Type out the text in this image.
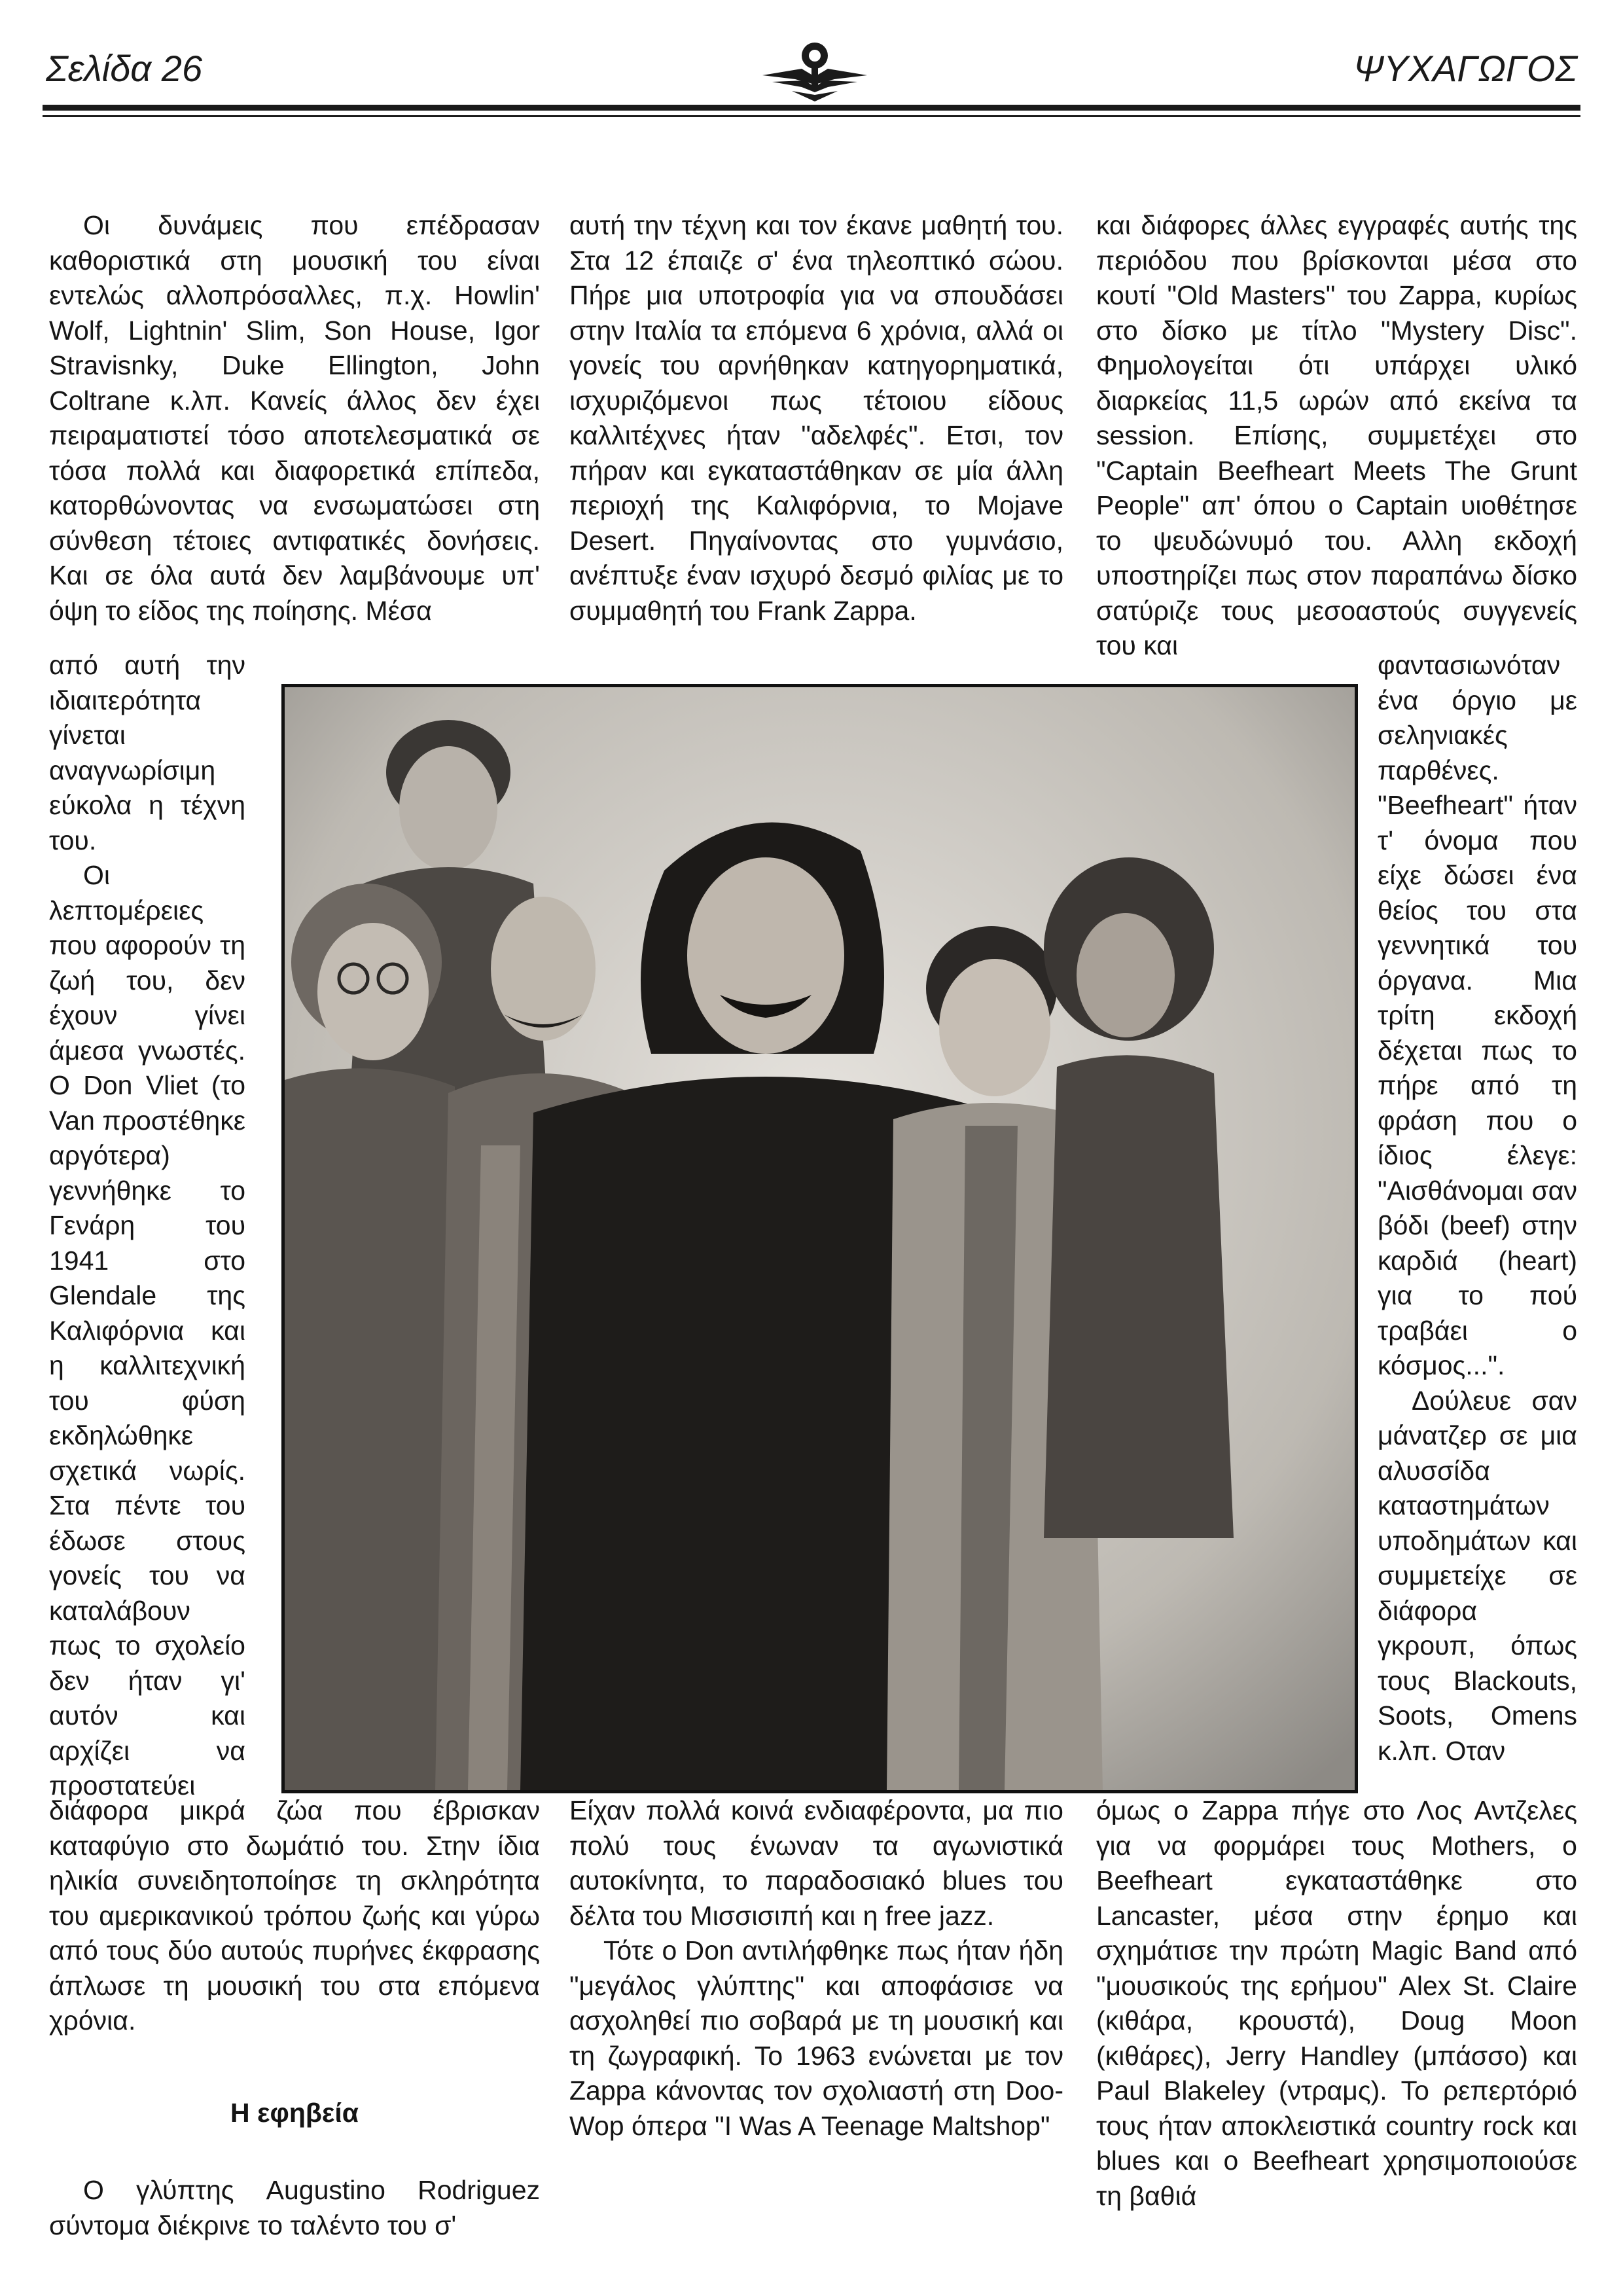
Σελίδα 26	ΨΥΧΑΓΩΓΟΣ

Οι δυνάμεις που επέδρασαν καθοριστικά στη μουσική του είναι εντελώς αλλοπρόσαλλες, π.χ. Howlin' Wolf, Lightnin' Slim, Son House, Igor Stravisnky, Duke Ellington, John Coltrane κ.λπ. Κανείς άλλος δεν έχει πειραματιστεί τόσο αποτελεσματικά σε τόσα πολλά και διαφορετικά επίπεδα, κατορθώνοντας να ενσωματώσει στη σύνθεση τέτοιες αντιφατικές δονήσεις. Και σε όλα αυτά δεν λαμβάνουμε υπ' όψη το είδος της ποίησης. Μέσα

από αυτή την ιδιαιτερότητα γίνεται αναγνωρίσιμη εύκολα η τέχνη του.

Οι λεπτομέρειες που αφορούν τη ζωή του, δεν έχουν γίνει άμεσα γνωστές. Ο Don Vliet (το Van προστέθηκε αργότερα) γεννήθηκε το Γενάρη του 1941 στο Glendale της Καλιφόρνια και η καλλιτεχνική του φύση εκδηλώθηκε σχετικά νωρίς. Στα πέντε του έδωσε στους γονείς του να καταλάβουν πως το σχολείο δεν ήταν γι' αυτόν και αρχίζει να προστατεύει

διάφορα μικρά ζώα που έβρισκαν καταφύγιο στο δωμάτιό του. Στην ίδια ηλικία συνειδητοποίησε τη σκληρότητα του αμερικανικού τρόπου ζωής και γύρω από τους δύο αυτούς πυρήνες έκφρασης άπλωσε τη μουσική του στα επόμενα χρόνια.

Η εφηβεία

Ο γλύπτης Augustino Rodriguez σύντομα διέκρινε το ταλέντο του σ'

αυτή την τέχνη και τον έκανε μαθητή του. Στα 12 έπαιζε σ' ένα τηλεοπτικό σώου. Πήρε μια υποτροφία για να σπουδάσει στην Ιταλία τα επόμενα 6 χρόνια, αλλά οι γονείς του αρνήθηκαν κατηγορηματικά, ισχυριζόμενοι πως τέτοιου είδους καλλιτέχνες ήταν "αδελφές". Ετσι, τον πήραν και εγκαταστάθηκαν σε μία άλλη περιοχή της Καλιφόρνια, το Mojave Desert. Πηγαίνοντας στο γυμνάσιο, ανέπτυξε έναν ισχυρό δεσμό φιλίας με το συμμαθητή του Frank Zappa.

Είχαν πολλά κοινά ενδιαφέροντα, μα πιο πολύ τους ένωναν τα αγωνιστικά αυτοκίνητα, το παραδοσιακό blues του δέλτα του Μισσισιπή και η free jazz.

Τότε ο Don αντιλήφθηκε πως ήταν ήδη "μεγάλος γλύπτης" και αποφάσισε να ασχοληθεί πιο σοβαρά με τη μουσική και τη ζωγραφική. Το 1963 ενώνεται με τον Zappa κάνοντας τον σχολιαστή στη Doo-Wop όπερα "I Was A Teenage Maltshop"

και διάφορες άλλες εγγραφές αυτής της περιόδου που βρίσκονται μέσα στο κουτί "Old Masters" του Zappa, κυρίως στο δίσκο με τίτλο "Mystery Disc". Φημολογείται ότι υπάρχει υλικό διαρκείας 11,5 ωρών από εκείνα τα session. Επίσης, συμμετέχει στο "Captain Beefheart Meets The Grunt People" απ' όπου ο Captain υιοθέτησε το ψευδώνυμό του. Αλλη εκδοχή υποστηρίζει πως στον παραπάνω δίσκο σατύριζε τους μεσοαστούς συγγενείς του και

φαντασιωνόταν ένα όργιο με σεληνιακές παρθένες. "Beefheart" ήταν τ' όνομα που είχε δώσει ένα θείος του στα γεννητικά του όργανα. Μια τρίτη εκδοχή δέχεται πως το πήρε από τη φράση που ο ίδιος έλεγε: "Αισθάνομαι σαν βόδι (beef) στην καρδιά (heart) για το πού τραβάει ο κόσμος...".

Δούλευε σαν μάνατζερ σε μια αλυσσίδα καταστημάτων υποδημάτων και συμμετείχε σε διάφορα γκρουπ, όπως τους Blackouts, Soots, Omens κ.λπ. Οταν

όμως ο Zappa πήγε στο Λος Αντζελες για να φορμάρει τους Mothers, ο Beefheart εγκαταστάθηκε στο Lancaster, μέσα στην έρημο και σχημάτισε την πρώτη Magic Band από "μουσικούς της ερήμου" Alex St. Claire (κιθάρα, κρουστά), Doug Moon (κιθάρες), Jerry Handley (μπάσσο) και Paul Blakeley (ντραμς). Το ρεπερτόριό τους ήταν αποκλειστικά country rock και blues και ο Beefheart χρησιμοποιούσε τη βαθιά
